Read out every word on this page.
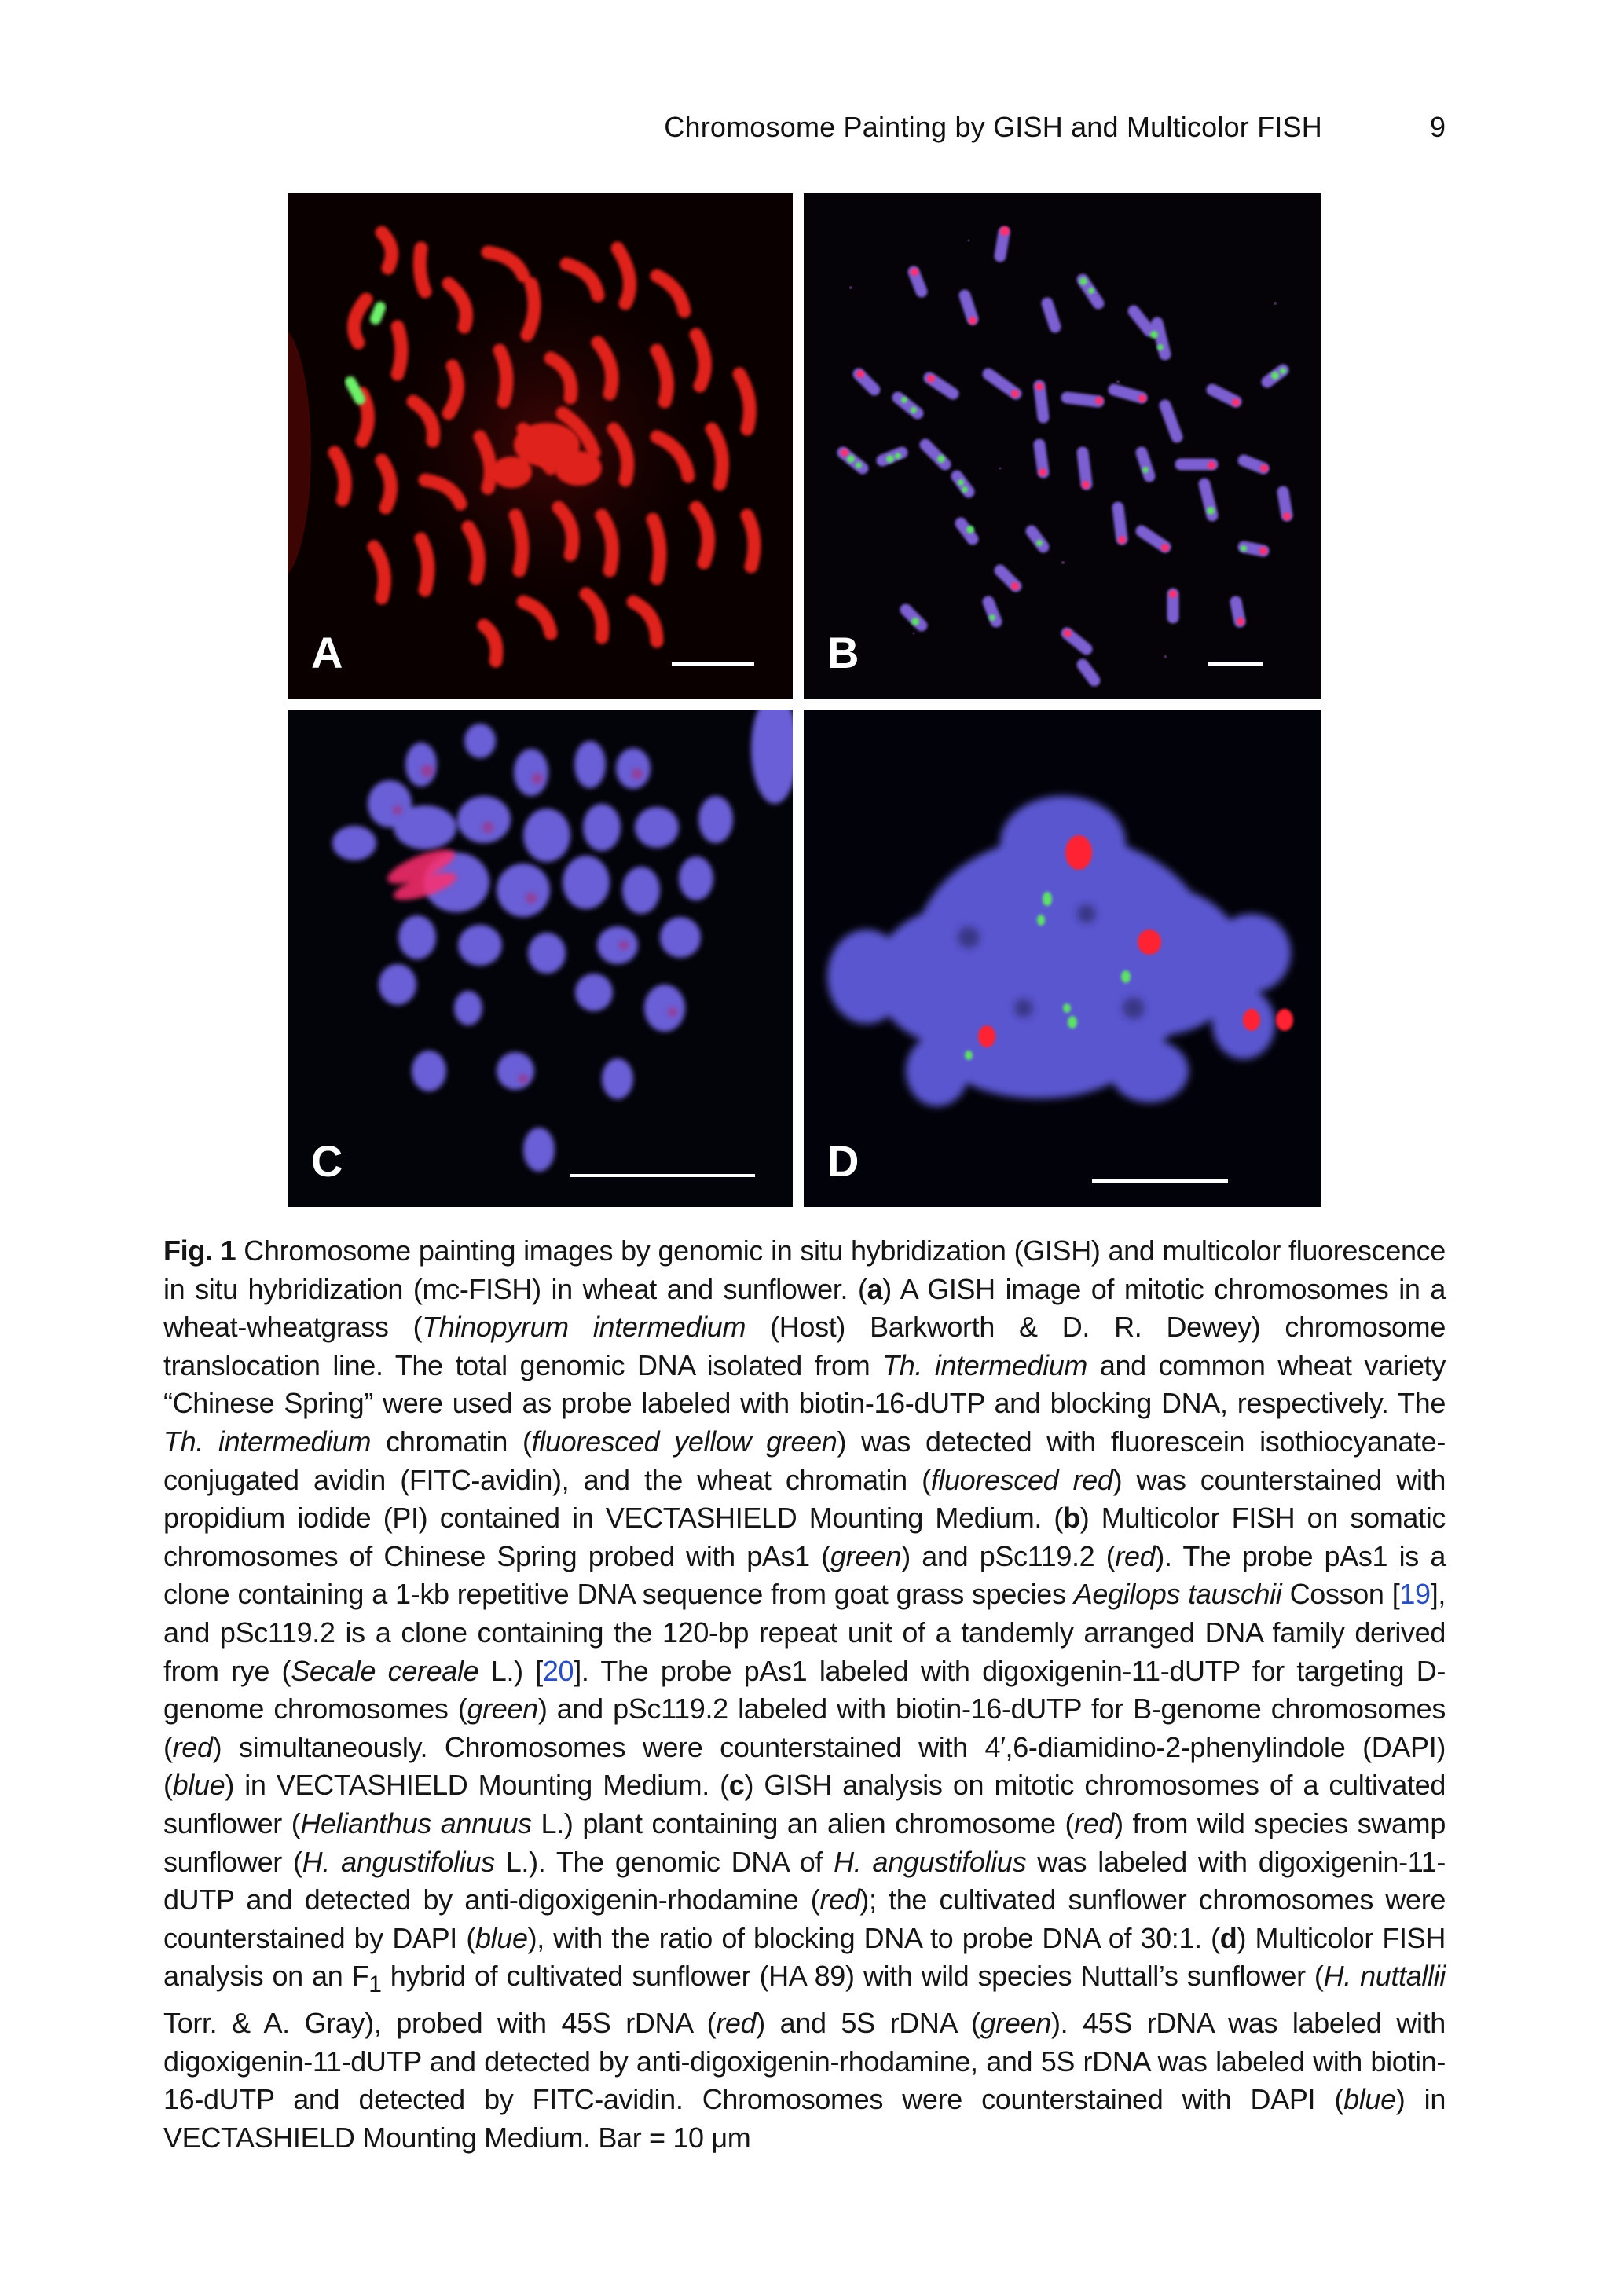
Chromosome Painting by GISH and Multicolor FISH	9
A	B
C	D

Fig. 1 Chromosome painting images by genomic in situ hybridization (GISH) and multicolor fluorescence in situ hybridization (mc-FISH) in wheat and sunflower. (a) A GISH image of mitotic chromosomes in a wheat-wheatgrass (Thinopyrum intermedium (Host) Barkworth & D. R. Dewey) chromosome translocation line. The total genomic DNA isolated from Th. intermedium and common wheat variety “Chinese Spring” were used as probe labeled with biotin-16-dUTP and blocking DNA, respectively. The Th. intermedium chromatin (fluoresced yellow green) was detected with fluorescein isothiocyanate-conjugated avidin (FITC-avidin), and the wheat chromatin (fluoresced red) was counterstained with propidium iodide (PI) contained in VECTASHIELD Mounting Medium. (b) Multicolor FISH on somatic chromosomes of Chinese Spring probed with pAs1 (green) and pSc119.2 (red). The probe pAs1 is a clone containing a 1-kb repetitive DNA sequence from goat grass species Aegilops tauschii Cosson [19], and pSc119.2 is a clone containing the 120-bp repeat unit of a tandemly arranged DNA family derived from rye (Secale cereale L.) [20]. The probe pAs1 labeled with digoxigenin-11-dUTP for targeting D-genome chromosomes (green) and pSc119.2 labeled with biotin-16-dUTP for B-genome chromosomes (red) simultaneously. Chromosomes were counterstained with 4′,6-diamidino-2-phenylindole (DAPI) (blue) in VECTASHIELD Mounting Medium. (c) GISH analysis on mitotic chromosomes of a cultivated sunflower (Helianthus annuus L.) plant containing an alien chromosome (red) from wild species swamp sunflower (H. angustifolius L.). The genomic DNA of H. angustifolius was labeled with digoxigenin-11-dUTP and detected by anti-digoxigenin-rhodamine (red); the cultivated sunflower chromosomes were counterstained by DAPI (blue), with the ratio of blocking DNA to probe DNA of 30:1. (d) Multicolor FISH analysis on an $F_1$ hybrid of cultivated sunflower (HA 89) with wild species Nuttall’s sunflower (H. nuttallii Torr. & A. Gray), probed with 45S rDNA (red) and 5S rDNA (green). 45S rDNA was labeled with digoxigenin-11-dUTP and detected by anti-digoxigenin-rhodamine, and 5S rDNA was labeled with biotin-16-dUTP and detected by FITC-avidin. Chromosomes were counterstained with DAPI (blue) in VECTASHIELD Mounting Medium. Bar = 10 μm
